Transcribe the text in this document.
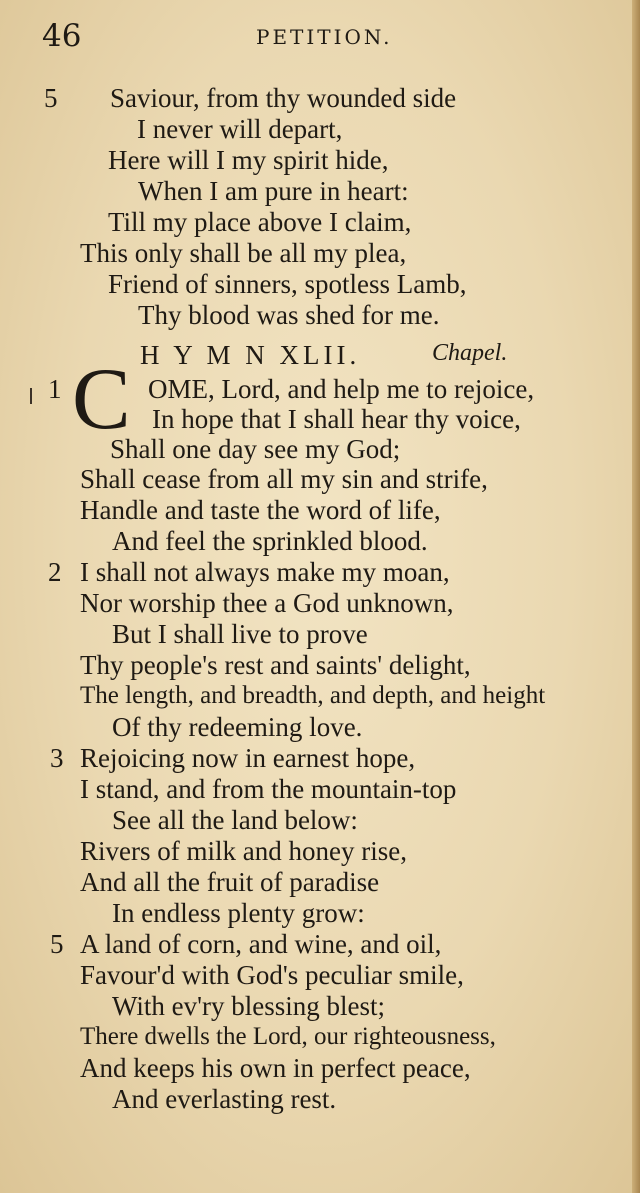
46	PETITION.
5 Saviour, from thy wounded side
I never will depart,
Here will I my spirit hide,
When I am pure in heart:
Till my place above I claim,
This only shall be all my plea,
Friend of sinners, spotless Lamb,
Thy blood was shed for me.
H Y M N XLII.	Chapel.
1 C OME, Lord, and help me to rejoice,
In hope that I shall hear thy voice,
Shall one day see my God;
Shall cease from all my sin and strife,
Handle and taste the word of life,
And feel the sprinkled blood.
2 I shall not always make my moan,
Nor worship thee a God unknown,
But I shall live to prove
Thy people's rest and saints' delight,
The length, and breadth, and depth, and height
Of thy redeeming love.
3 Rejoicing now in earnest hope,
I stand, and from the mountain-top
See all the land below:
Rivers of milk and honey rise,
And all the fruit of paradise
In endless plenty grow:
5 A land of corn, and wine, and oil,
Favour'd with God's peculiar smile,
With ev'ry blessing blest;
There dwells the Lord, our righteousness,
And keeps his own in perfect peace,
And everlasting rest.
